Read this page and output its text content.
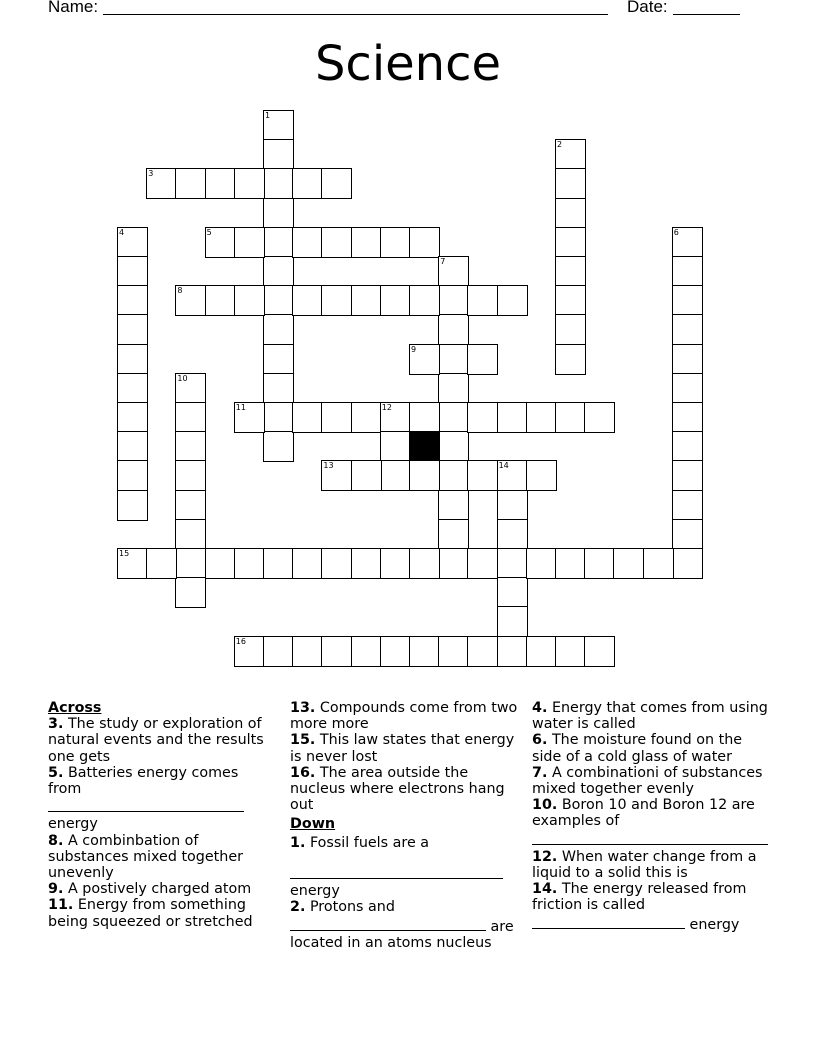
Name:	Date:
Science
1
2
3
4	5	6
7
8
9
10
11	12
13	14
15
16

Across

3. The study or exploration of natural events and the results one gets

5. Batteries energy comes from

energy

8. A combinbation of substances mixed together unevenly

9. A postively charged atom

11. Energy from something being squeezed or stretched

13. Compounds come from two more more

15. This law states that energy is never lost

16. The area outside the nucleus where electrons hang out

Down

1. Fossil fuels are a

energy

2. Protons and
are located in an atoms nucleus

4. Energy that comes from using water is called

6. The moisture found on the side of a cold glass of water

7. A combinationi of substances mixed together evenly

10. Boron 10 and Boron 12 are examples of

12. When water change from a liquid to a solid this is

14. The energy released from friction is called
energy
